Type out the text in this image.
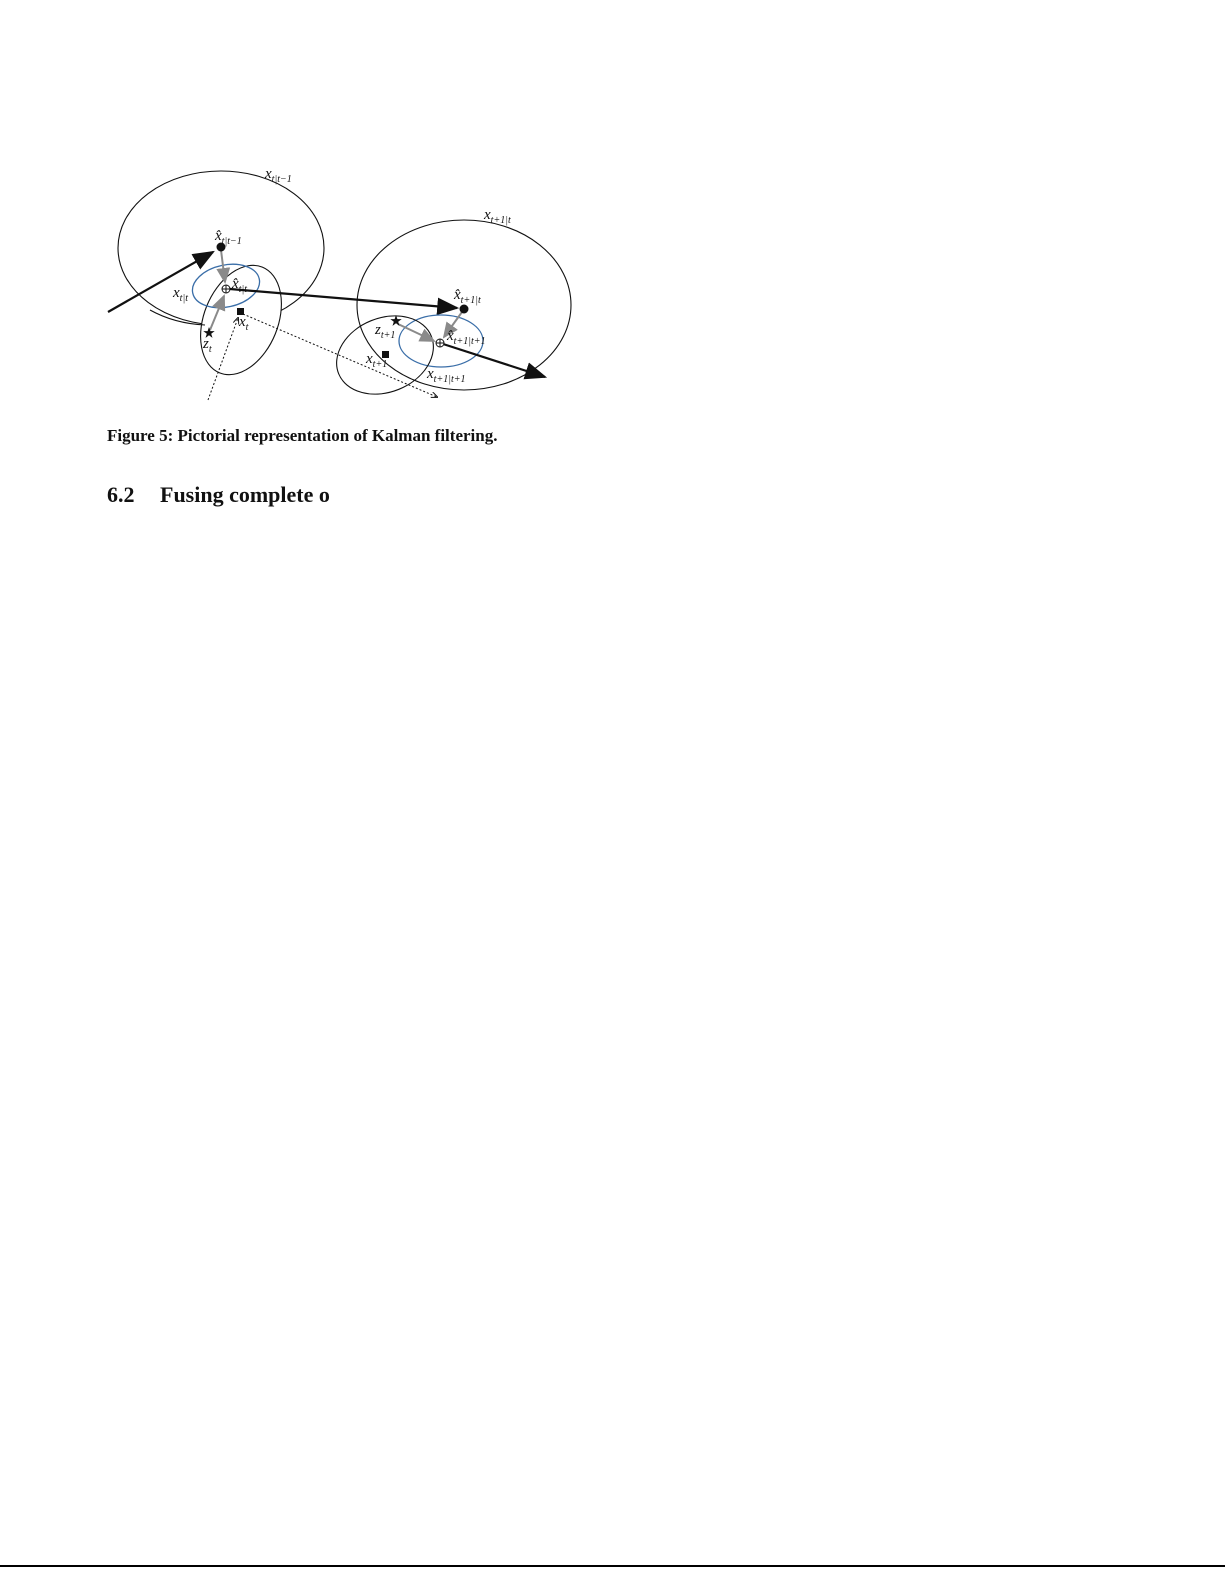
$x_{t|t-1}$
$x̂_{t|t-1}$
$x_{t|t}$
$x̂_{t|t}$
$z_t$
$x_t$
$x_{t+1|t}$
$x̂_{t+1|t}$
$z_{t+1}$
$x_{t+1}$
$x̂_{t+1|t+1}$
$x_{t+1|t+1}$
Figure 5: Pictorial representation of Kalman filtering.
6.2 Fusing complete o
